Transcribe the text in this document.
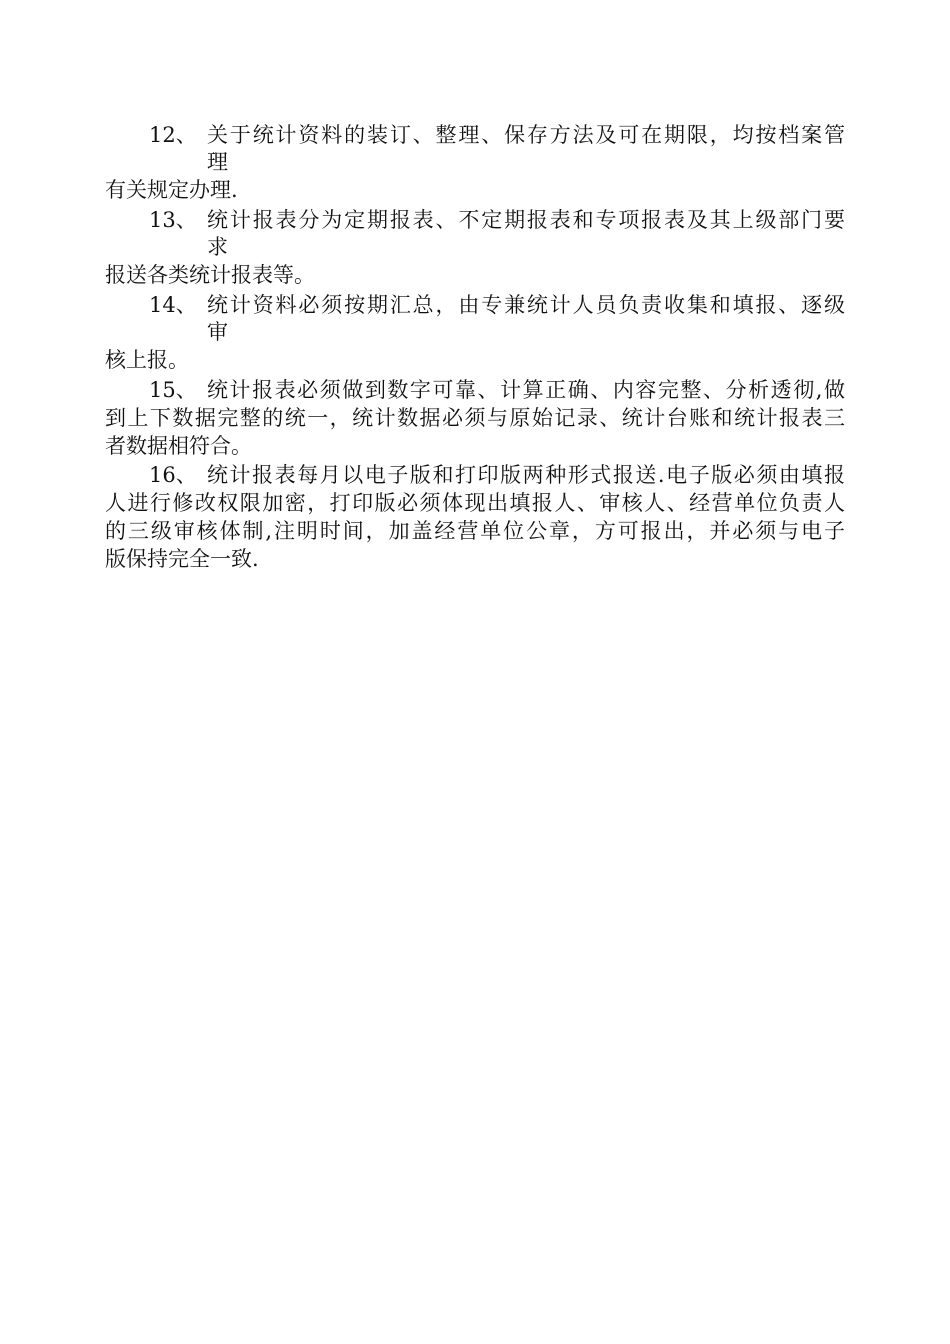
12、 关于统计资料的装订、整理、保存方法及可在期限，均按档案管
理
有关规定办理.
13、 统计报表分为定期报表、不定期报表和专项报表及其上级部门要
求
报送各类统计报表等。
14、 统计资料必须按期汇总，由专兼统计人员负责收集和填报、逐级
审
核上报。
15、 统计报表必须做到数字可靠、计算正确、内容完整、分析透彻,做
到上下数据完整的统一，统计数据必须与原始记录、统计台账和统计报表三
者数据相符合。
16、 统计报表每月以电子版和打印版两种形式报送.电子版必须由填报
人进行修改权限加密，打印版必须体现出填报人、审核人、经营单位负责人
的三级审核体制,注明时间，加盖经营单位公章，方可报出，并必须与电子
版保持完全一致.
